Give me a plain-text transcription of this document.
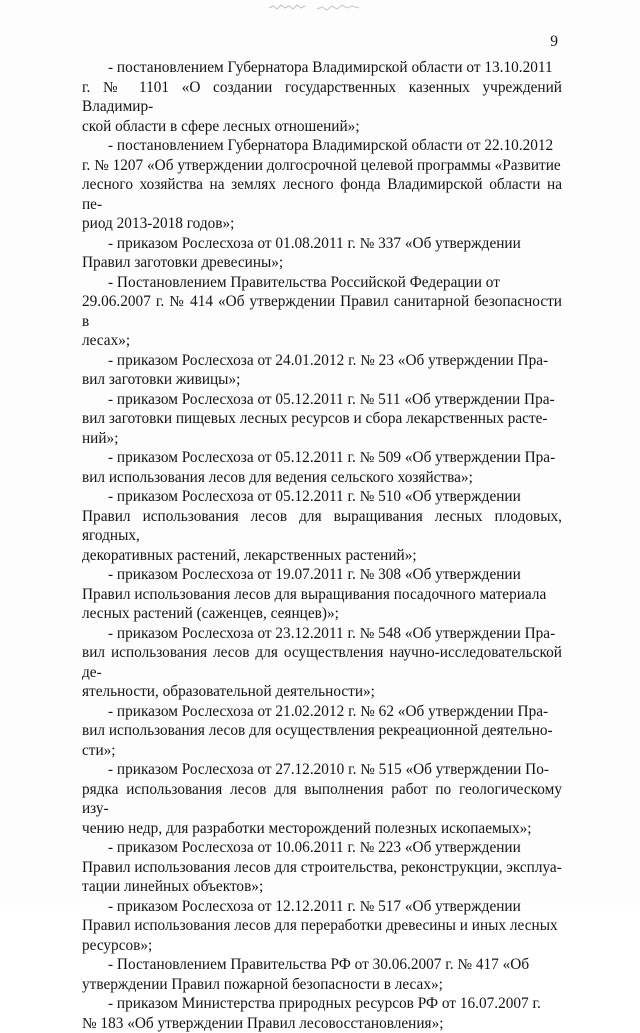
9

- постановлением Губернатора Владимирской области от 13.10.2011
г. № 1101 «О создании государственных казенных учреждений Владимир-
ской области в сфере лесных отношений»;

- постановлением Губернатора Владимирской области от 22.10.2012
г. № 1207 «Об утверждении долгосрочной целевой программы «Развитие
лесного хозяйства на землях лесного фонда Владимирской области на пе-
риод 2013-2018 годов»;

- приказом Рослесхоза от 01.08.2011 г. № 337 «Об утверждении
Правил заготовки древесины»;

- Постановлением Правительства Российской Федерации от
29.06.2007 г. № 414 «Об утверждении Правил санитарной безопасности в
лесах»;

- приказом Рослесхоза от 24.01.2012 г. № 23 «Об утверждении Пра-
вил заготовки живицы»;

- приказом Рослесхоза от 05.12.2011 г. № 511 «Об утверждении Пра-
вил заготовки пищевых лесных ресурсов и сбора лекарственных расте-
ний»;

- приказом Рослесхоза от 05.12.2011 г. № 509 «Об утверждении Пра-
вил использования лесов для ведения сельского хозяйства»;

- приказом Рослесхоза от 05.12.2011 г. № 510 «Об утверждении
Правил использования лесов для выращивания лесных плодовых, ягодных,
декоративных растений, лекарственных растений»;

- приказом Рослесхоза от 19.07.2011 г. № 308 «Об утверждении
Правил использования лесов для выращивания посадочного материала
лесных растений (саженцев, сеянцев)»;

- приказом Рослесхоза от 23.12.2011 г. № 548 «Об утверждении Пра-
вил использования лесов для осуществления научно-исследовательской де-
ятельности, образовательной деятельности»;

- приказом Рослесхоза от 21.02.2012 г. № 62 «Об утверждении Пра-
вил использования лесов для осуществления рекреационной деятельно-
сти»;

- приказом Рослесхоза от 27.12.2010 г. № 515 «Об утверждении По-
рядка использования лесов для выполнения работ по геологическому изу-
чению недр, для разработки месторождений полезных ископаемых»;

- приказом Рослесхоза от 10.06.2011 г. № 223 «Об утверждении
Правил использования лесов для строительства, реконструкции, эксплуа-
тации линейных объектов»;

- приказом Рослесхоза от 12.12.2011 г. № 517 «Об утверждении
Правил использования лесов для переработки древесины и иных лесных
ресурсов»;

- Постановлением Правительства РФ от 30.06.2007 г. № 417 «Об
утверждении Правил пожарной безопасности в лесах»;

- приказом Министерства природных ресурсов РФ от 16.07.2007 г.
№ 183 «Об утверждении Правил лесовосстановления»;
